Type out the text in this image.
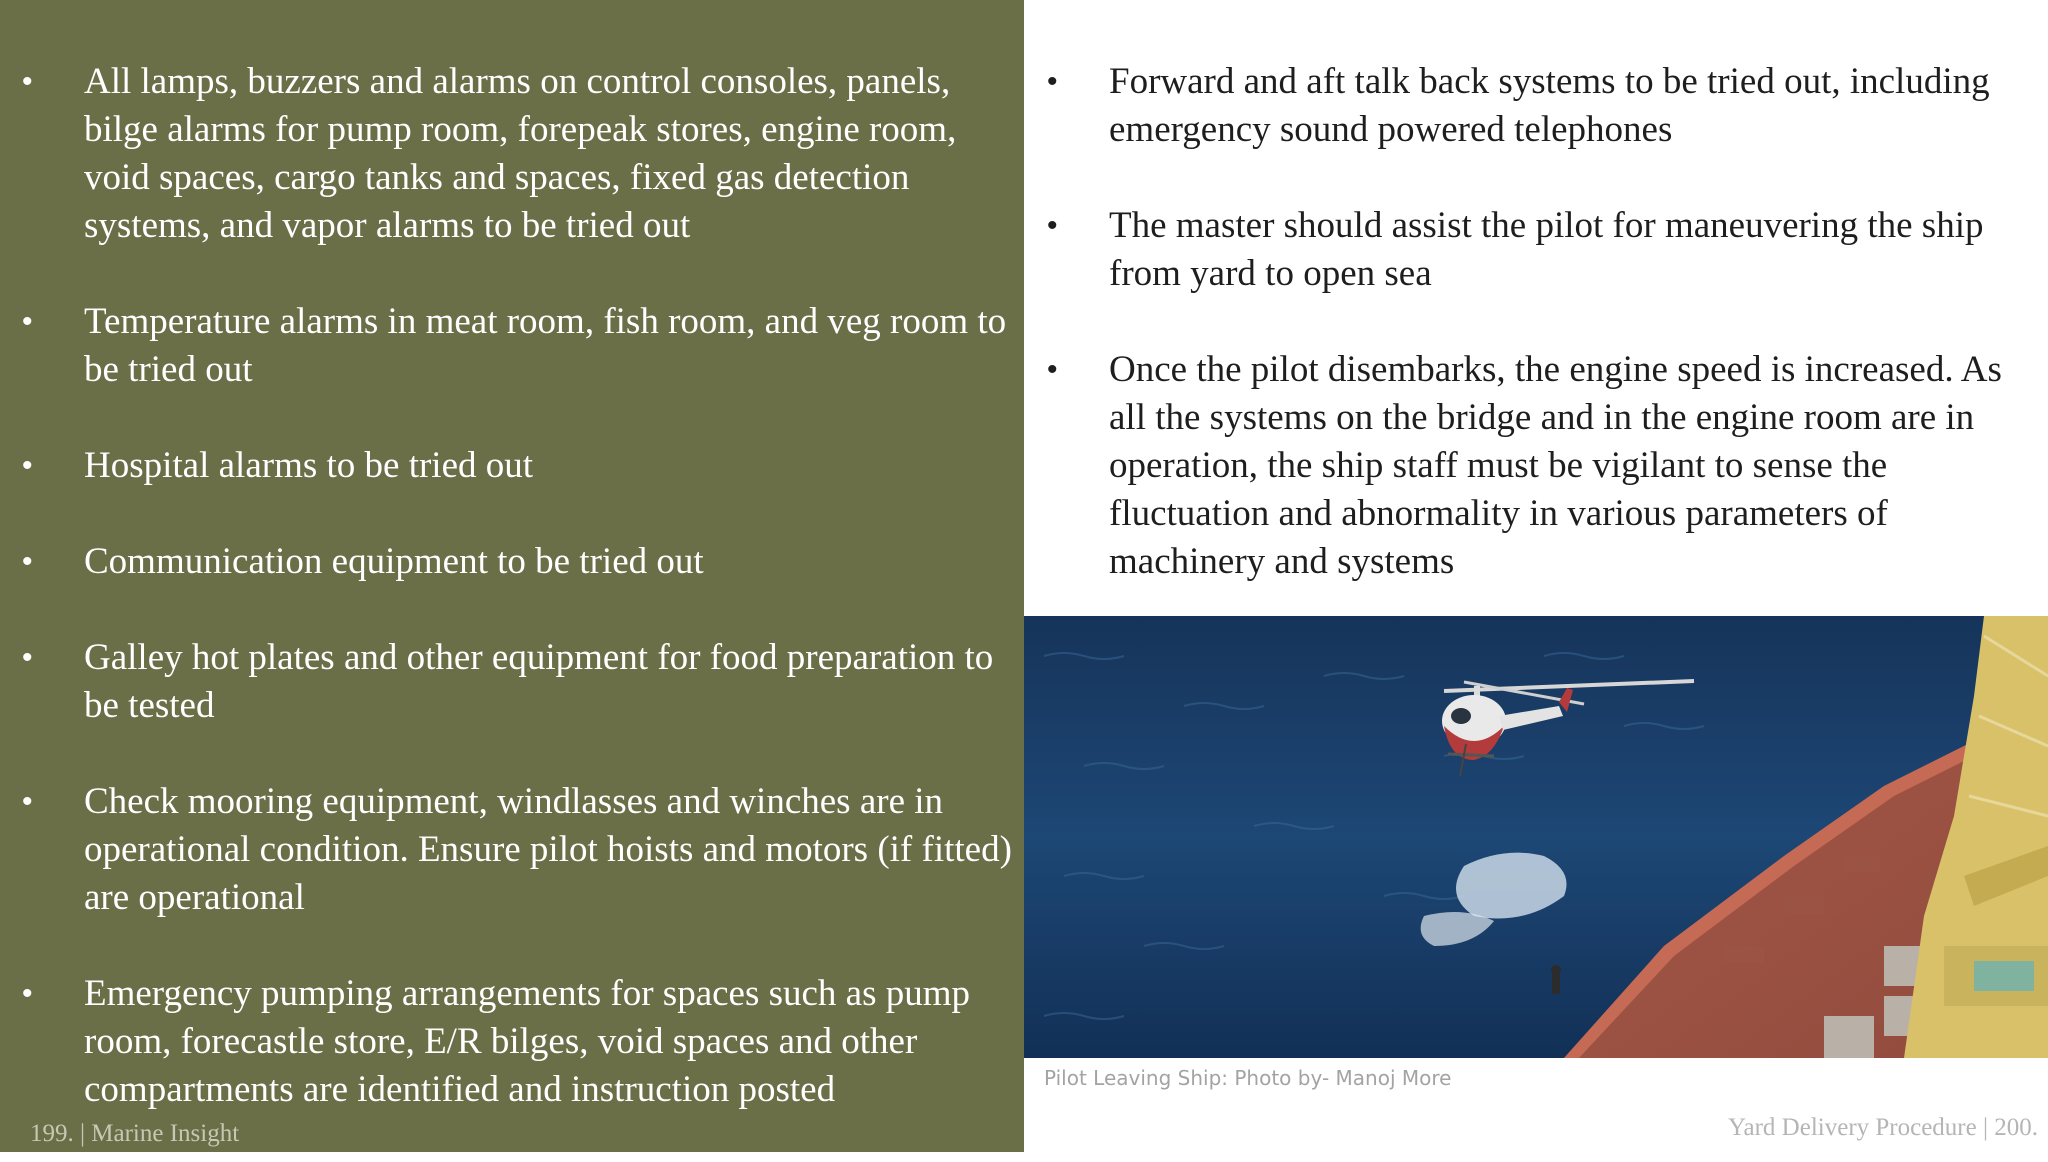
• All lamps, buzzers and alarms on control consoles, panels, bilge alarms for pump room, forepeak stores, engine room, void spaces, cargo tanks and spaces, fixed gas detection systems, and vapor alarms to be tried out
• Temperature alarms in meat room, fish room, and veg room to be tried out
• Hospital alarms to be tried out
• Communication equipment to be tried out
• Galley hot plates and other equipment for food preparation to be tested
• Check mooring equipment, windlasses and winches are in operational condition. Ensure pilot hoists and motors (if fitted) are operational
• Emergency pumping arrangements for spaces such as pump room, forecastle store, E/R bilges, void spaces and other compartments are identified and instruction posted
199. | Marine Insight
• Forward and aft talk back systems to be tried out, including emergency sound powered telephones
• The master should assist the pilot for maneuvering the ship from yard to open sea
• Once the pilot disembarks, the engine speed is increased. As all the systems on the bridge and in the engine room are in operation, the ship staff must be vigilant to sense the fluctuation and abnormality in various parameters of machinery and systems
Pilot Leaving Ship: Photo by- Manoj More
Yard Delivery Procedure | 200.
